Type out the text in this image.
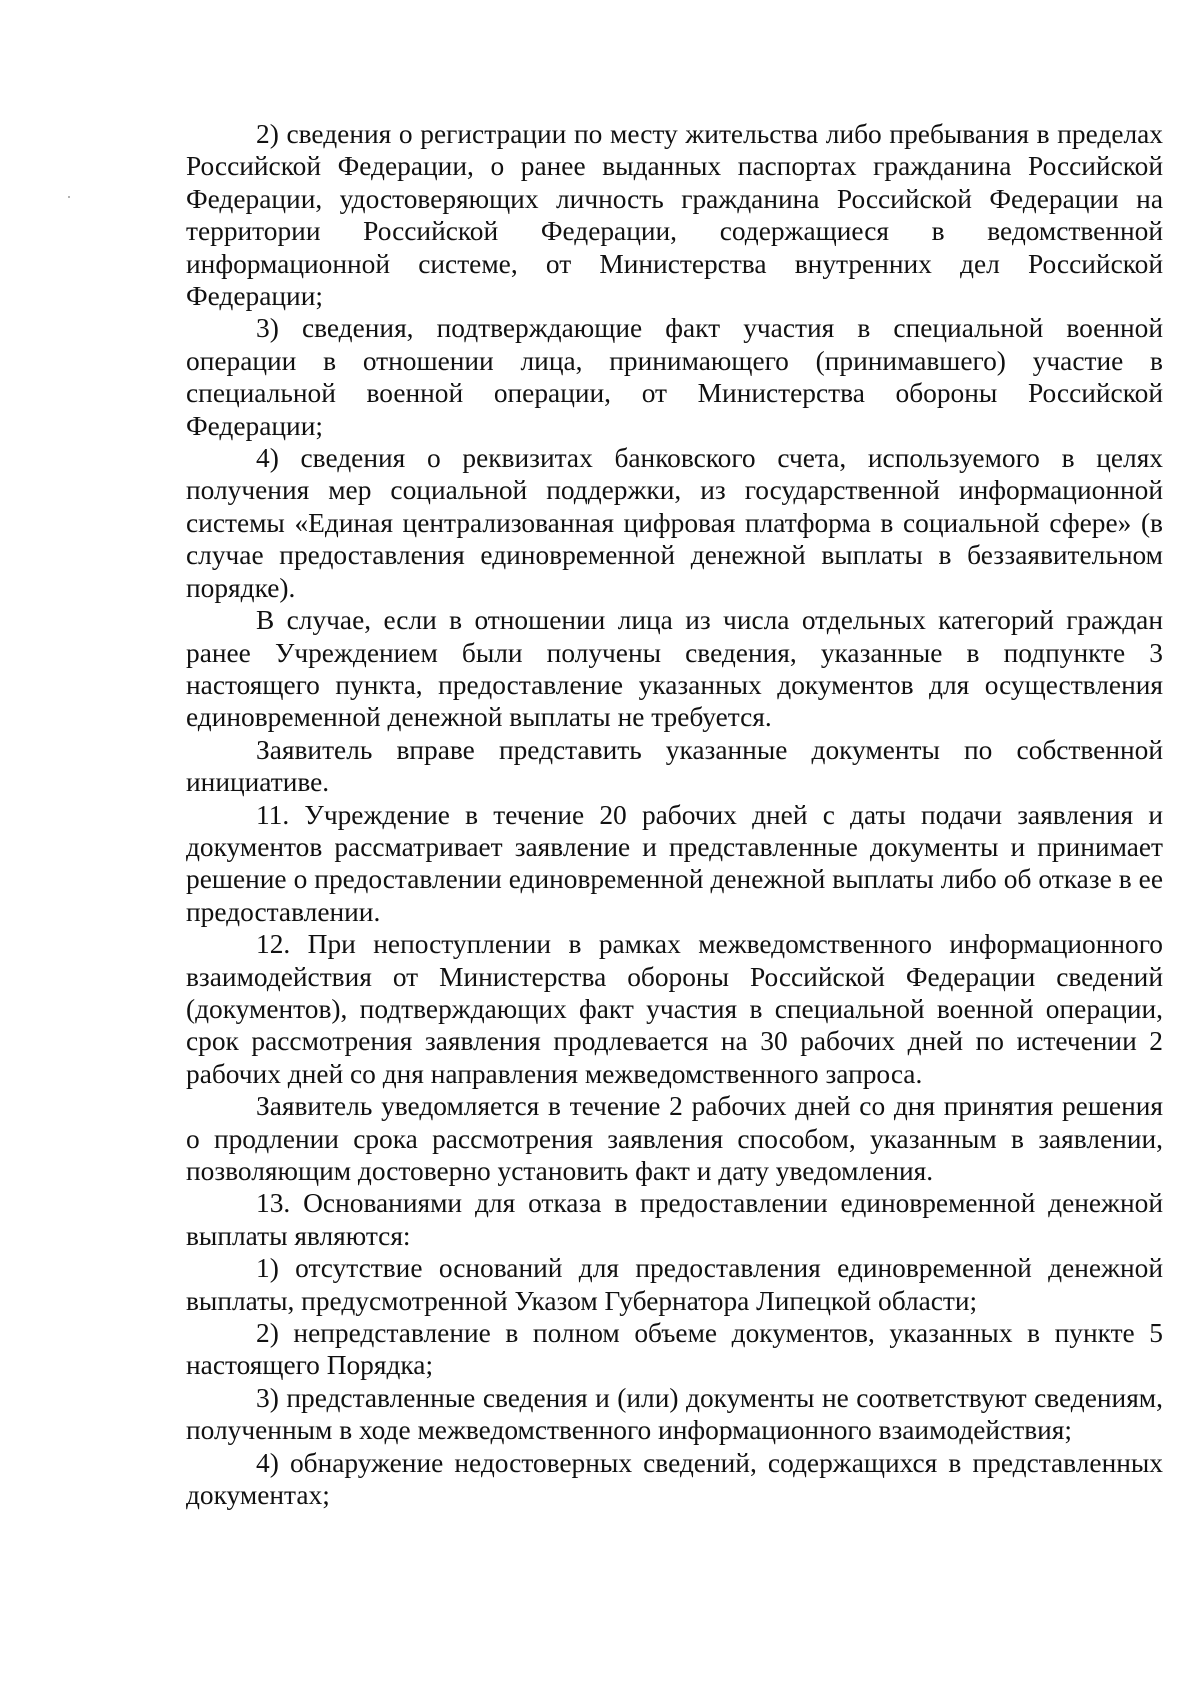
2) сведения о регистрации по месту жительства либо пребывания в пределах Российской Федерации, о ранее выданных паспортах гражданина Российской Федерации, удостоверяющих личность гражданина Российской Федерации на территории Российской Федерации, содержащиеся в ведомственной информационной системе, от Министерства внутренних дел Российской Федерации;

3) сведения, подтверждающие факт участия в специальной военной операции в отношении лица, принимающего (принимавшего) участие в специальной военной операции, от Министерства обороны Российской Федерации;

4) сведения о реквизитах банковского счета, используемого в целях получения мер социальной поддержки, из государственной информационной системы «Единая централизованная цифровая платформа в социальной сфере» (в случае предоставления единовременной денежной выплаты в беззаявительном порядке).

В случае, если в отношении лица из числа отдельных категорий граждан ранее Учреждением были получены сведения, указанные в подпункте 3 настоящего пункта, предоставление указанных документов для осуществления единовременной денежной выплаты не требуется.

Заявитель вправе представить указанные документы по собственной инициативе.

11. Учреждение в течение 20 рабочих дней с даты подачи заявления и документов рассматривает заявление и представленные документы и принимает решение о предоставлении единовременной денежной выплаты либо об отказе в ее предоставлении.

12. При непоступлении в рамках межведомственного информационного взаимодействия от Министерства обороны Российской Федерации сведений (документов), подтверждающих факт участия в специальной военной операции, срок рассмотрения заявления продлевается на 30 рабочих дней по истечении 2 рабочих дней со дня направления межведомственного запроса.

Заявитель уведомляется в течение 2 рабочих дней со дня принятия решения о продлении срока рассмотрения заявления способом, указанным в заявлении, позволяющим достоверно установить факт и дату уведомления.

13. Основаниями для отказа в предоставлении единовременной денежной выплаты являются:

1) отсутствие оснований для предоставления единовременной денежной выплаты, предусмотренной Указом Губернатора Липецкой области;

2) непредставление в полном объеме документов, указанных в пункте 5 настоящего Порядка;

3) представленные сведения и (или) документы не соответствуют сведениям, полученным в ходе межведомственного информационного взаимодействия;

4) обнаружение недостоверных сведений, содержащихся в представленных документах;
